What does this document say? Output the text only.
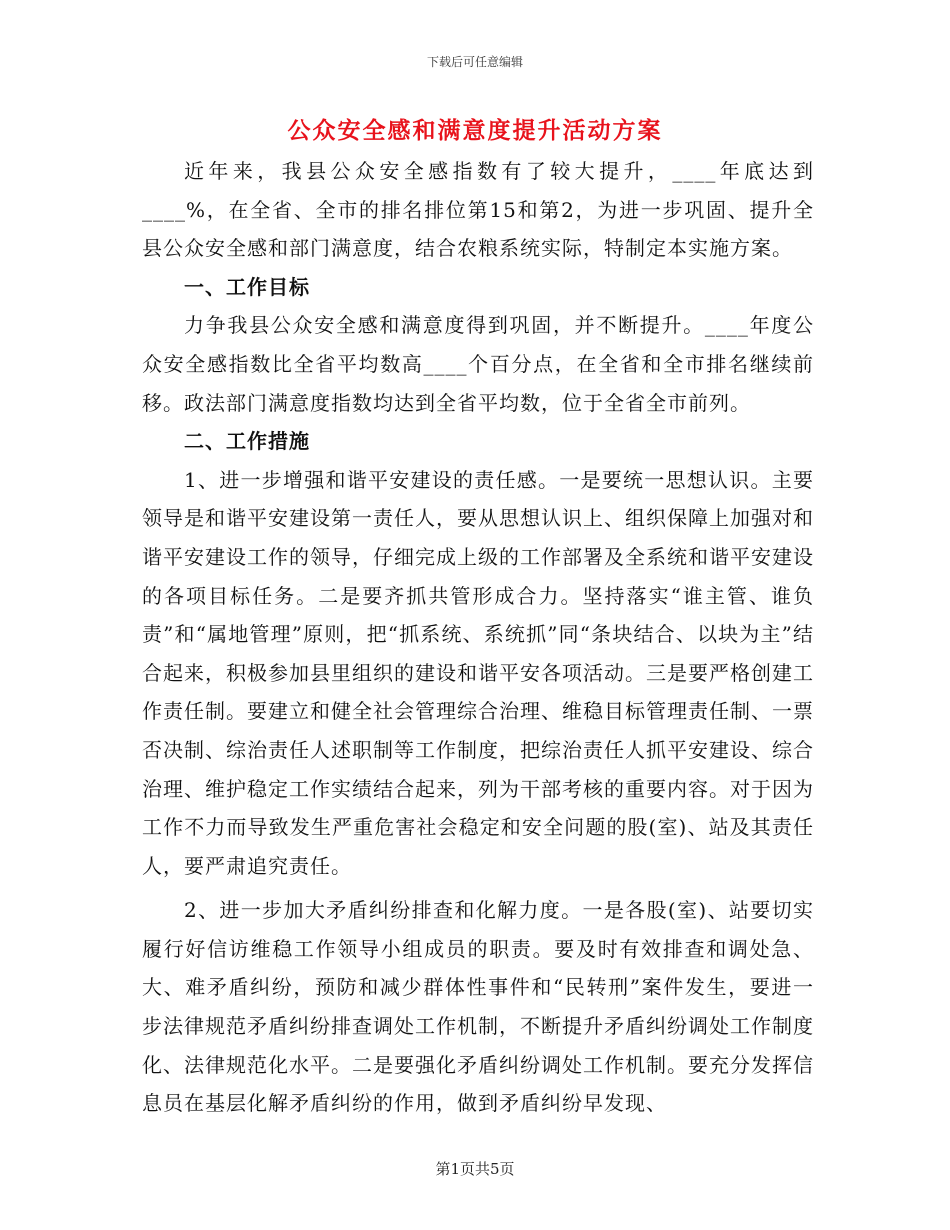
下载后可任意编辑
公众安全感和满意度提升活动方案

近年来，我县公众安全感指数有了较大提升，____年底达到____%，在全省、全市的排名排位第15和第2，为进一步巩固、提升全县公众安全感和部门满意度，结合农粮系统实际，特制定本实施方案。

一、工作目标

力争我县公众安全感和满意度得到巩固，并不断提升。____年度公众安全感指数比全省平均数高____个百分点，在全省和全市排名继续前移。政法部门满意度指数均达到全省平均数，位于全省全市前列。

二、工作措施

1、进一步增强和谐平安建设的责任感。一是要统一思想认识。主要领导是和谐平安建设第一责任人，要从思想认识上、组织保障上加强对和谐平安建设工作的领导，仔细完成上级的工作部署及全系统和谐平安建设的各项目标任务。二是要齐抓共管形成合力。坚持落实“谁主管、谁负责”和“属地管理”原则，把“抓系统、系统抓”同“条块结合、以块为主”结合起来，积极参加县里组织的建设和谐平安各项活动。三是要严格创建工作责任制。要建立和健全社会管理综合治理、维稳目标管理责任制、一票否决制、综治责任人述职制等工作制度，把综治责任人抓平安建设、综合治理、维护稳定工作实绩结合起来，列为干部考核的重要内容。对于因为工作不力而导致发生严重危害社会稳定和安全问题的股(室)、站及其责任人，要严肃追究责任。

2、进一步加大矛盾纠纷排查和化解力度。一是各股(室)、站要切实履行好信访维稳工作领导小组成员的职责。要及时有效排查和调处急、大、难矛盾纠纷，预防和减少群体性事件和“民转刑”案件发生，要进一步法律规范矛盾纠纷排查调处工作机制，不断提升矛盾纠纷调处工作制度化、法律规范化水平。二是要强化矛盾纠纷调处工作机制。要充分发挥信息员在基层化解矛盾纠纷的作用，做到矛盾纠纷早发现、

第1页共5页
